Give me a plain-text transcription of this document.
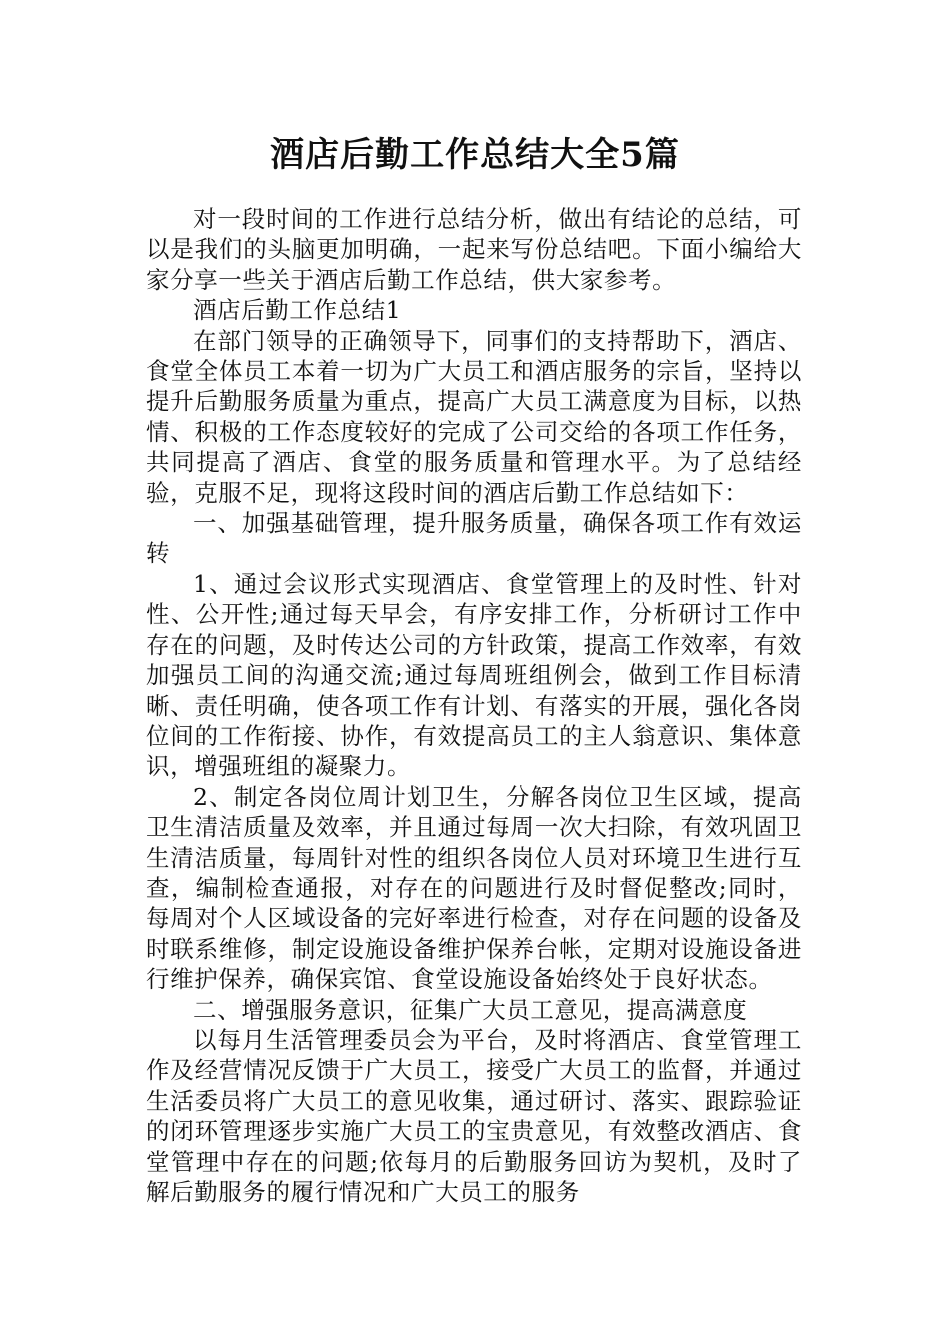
酒店后勤工作总结大全5篇

对一段时间的工作进行总结分析，做出有结论的总结，可以是我们的头脑更加明确，一起来写份总结吧。下面小编给大家分享一些关于酒店后勤工作总结，供大家参考。

酒店后勤工作总结1

在部门领导的正确领导下，同事们的支持帮助下，酒店、食堂全体员工本着一切为广大员工和酒店服务的宗旨，坚持以提升后勤服务质量为重点，提高广大员工满意度为目标，以热情、积极的工作态度较好的完成了公司交给的各项工作任务，共同提高了酒店、食堂的服务质量和管理水平。为了总结经验，克服不足，现将这段时间的酒店后勤工作总结如下：

一、加强基础管理，提升服务质量，确保各项工作有效运转

1、通过会议形式实现酒店、食堂管理上的及时性、针对性、公开性;通过每天早会，有序安排工作，分析研讨工作中存在的问题，及时传达公司的方针政策，提高工作效率，有效加强员工间的沟通交流;通过每周班组例会，做到工作目标清晰、责任明确，使各项工作有计划、有落实的开展，强化各岗位间的工作衔接、协作，有效提高员工的主人翁意识、集体意识，增强班组的凝聚力。

2、制定各岗位周计划卫生，分解各岗位卫生区域，提高卫生清洁质量及效率，并且通过每周一次大扫除，有效巩固卫生清洁质量，每周针对性的组织各岗位人员对环境卫生进行互查，编制检查通报，对存在的问题进行及时督促整改;同时，每周对个人区域设备的完好率进行检查，对存在问题的设备及时联系维修，制定设施设备维护保养台帐，定期对设施设备进行维护保养，确保宾馆、食堂设施设备始终处于良好状态。

二、增强服务意识，征集广大员工意见，提高满意度

以每月生活管理委员会为平台，及时将酒店、食堂管理工作及经营情况反馈于广大员工，接受广大员工的监督，并通过生活委员将广大员工的意见收集，通过研讨、落实、跟踪验证的闭环管理逐步实施广大员工的宝贵意见，有效整改酒店、食堂管理中存在的问题;依每月的后勤服务回访为契机，及时了解后勤服务的履行情况和广大员工的服务
